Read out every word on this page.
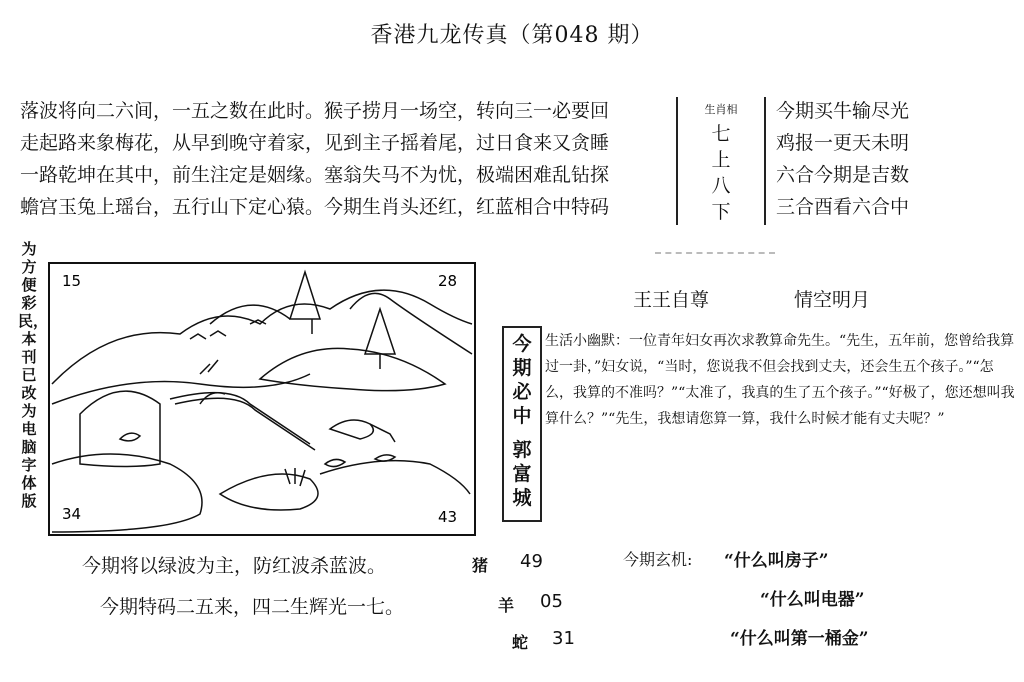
香港九龙传真（第048 期）
落波将向二六间，一五之数在此时。猴子捞月一场空，转向三一必要回
走起路来象梅花，从早到晚守着家，见到主子摇着尾，过日食来又贪睡
一路乾坤在其中，前生注定是姻缘。塞翁失马不为忧，极端困难乱钻探
蟾宫玉兔上瑶台，五行山下定心猿。今期生肖头还红，红蓝相合中特码
生肖相
七
上
八
下
今期买牛输尽光
鸡报一更天未明
六合今期是吉数
三合酉看六合中
为方便彩民，本刊已改为电脑字体版
15	28
34	43
王王自尊	情空明月
今期必中
郭富城
生活小幽默：一位青年妇女再次求教算命先生。“先生，五年前，您曾给我算过一卦，”妇女说，“当时，您说我不但会找到丈夫，还会生五个孩子。”“怎么，我算的不准吗？”“太准了，我真的生了五个孩子。”“好极了，您还想叫我算什么？”“先生，我想请您算一算，我什么时候才能有丈夫呢？”
今期将以绿波为主，防红波杀蓝波。
今期特码二五来，四二生辉光一七。
猪 49
羊 05
蛇 31
今期玄机: “什么叫房子”
“什么叫电器”
“什么叫第一桶金”
